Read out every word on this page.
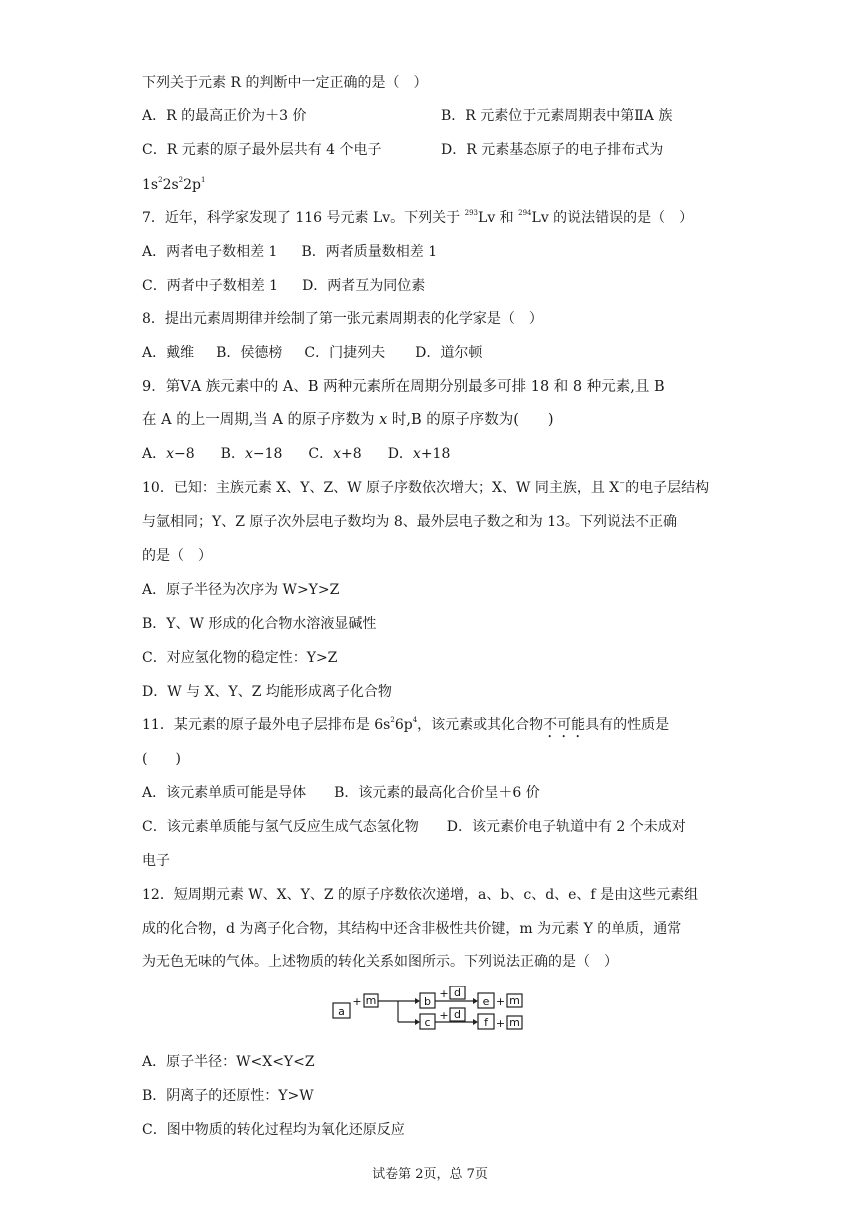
下列关于元素 R 的判断中一定正确的是（　）
A．R 的最高正价为＋3 价	B．R 元素位于元素周期表中第ⅡA 族
C．R 元素的原子最外层共有 4 个电子	D．R 元素基态原子的电子排布式为
$1s^22s^22p^1$
7．近年，科学家发现了 116 号元素 Lv。下列关于 $^{293}$Lv 和 $^{294}$Lv 的说法错误的是（　）
A．两者电子数相差 1 B．两者质量数相差 1
C．两者中子数相差 1 D．两者互为同位素
8．提出元素周期律并绘制了第一张元素周期表的化学家是（　）
A．戴维 B．侯德榜 C．门捷列夫 D．道尔顿
9．第ⅤA 族元素中的 A、B 两种元素所在周期分别最多可排 18 和 8 种元素,且 B
在 A 的上一周期,当 A 的原子序数为 x 时,B 的原子序数为(　　)
A．x−8 B．x−18 C．x+8 D．x+18
10．已知：主族元素 X、Y、Z、W 原子序数依次增大；X、W 同主族，且 X−的电子层结构
与氩相同；Y、Z 原子次外层电子数均为 8、最外层电子数之和为 13。下列说法不正确
的是（　）
A．原子半径为次序为 W>Y>Z
B．Y、W 形成的化合物水溶液显碱性
C．对应氢化物的稳定性：Y>Z
D．W 与 X、Y、Z 均能形成离子化合物
11．某元素的原子最外电子层排布是 $6s^26p^4$，该元素或其化合物不可能具有的性质是
(　　)
A．该元素单质可能是导体 B．该元素的最高化合价呈＋6 价
C．该元素单质能与氢气反应生成气态氢化物 D．该元素价电子轨道中有 2 个未成对
电子
12．短周期元素 W、X、Y、Z 的原子序数依次递增，a、b、c、d、e、f 是由这些元素组
成的化合物，d 为离子化合物，其结构中还含非极性共价键，m 为元素 Y 的单质，通常
为无色无味的气体。上述物质的转化关系如图所示。下列说法正确的是（　）
a
+ m	b
c
+ d
+ d
e
f
+ m
+ m
A．原子半径：W<X<Y<Z
B．阴离子的还原性：Y>W
C．图中物质的转化过程均为氧化还原反应
试卷第 2页，总 7页
